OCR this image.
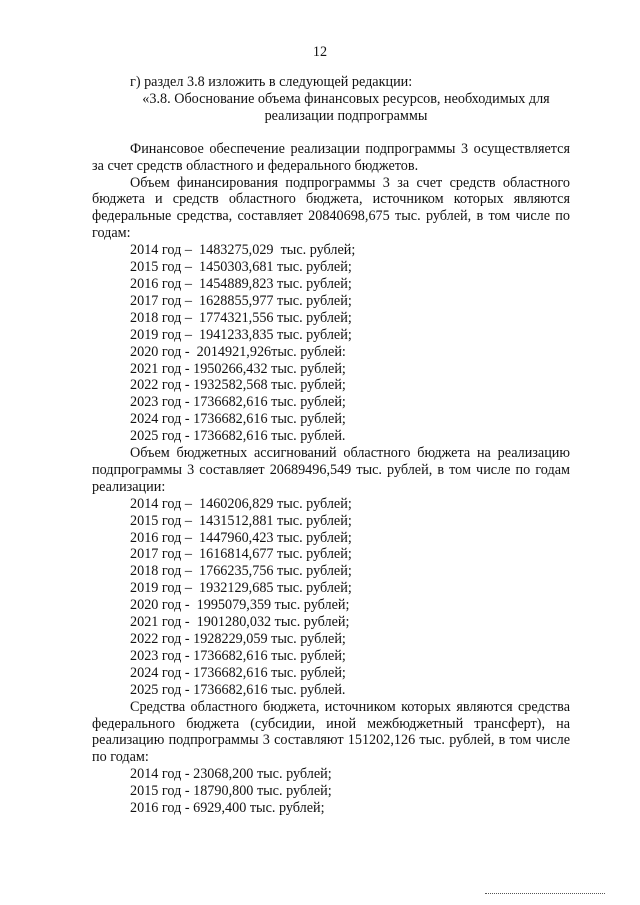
12

г) раздел 3.8 изложить в следующей редакции:

«3.8. Обоснование объема финансовых ресурсов, необходимых для
реализации подпрограммы

Финансовое обеспечение реализации подпрограммы 3 осуществляется за счет средств областного и федерального бюджетов.

Объем финансирования подпрограммы 3 за счет средств областного бюджета и средств областного бюджета, источником которых являются федеральные средства, составляет 20840698,675 тыс. рублей, в том числе по годам:

2014 год –  1483275,029  тыс. рублей;
2015 год –  1450303,681 тыс. рублей;
2016 год –  1454889,823 тыс. рублей;
2017 год –  1628855,977 тыс. рублей;
2018 год –  1774321,556 тыс. рублей;
2019 год –  1941233,835 тыс. рублей;
2020 год -  2014921,926тыс. рублей:
2021 год - 1950266,432 тыс. рублей;
2022 год - 1932582,568 тыс. рублей;
2023 год - 1736682,616 тыс. рублей;
2024 год - 1736682,616 тыс. рублей;
2025 год - 1736682,616 тыс. рублей.

Объем бюджетных ассигнований областного бюджета на реализацию подпрограммы 3 составляет 20689496,549 тыс. рублей, в том числе по годам реализации:

2014 год –  1460206,829 тыс. рублей;
2015 год –  1431512,881 тыс. рублей;
2016 год –  1447960,423 тыс. рублей;
2017 год –  1616814,677 тыс. рублей;
2018 год –  1766235,756 тыс. рублей;
2019 год –  1932129,685 тыс. рублей;
2020 год -  1995079,359 тыс. рублей;
2021 год -  1901280,032 тыс. рублей;
2022 год - 1928229,059 тыс. рублей;
2023 год - 1736682,616 тыс. рублей;
2024 год - 1736682,616 тыс. рублей;
2025 год - 1736682,616 тыс. рублей.

Средства областного бюджета, источником которых являются средства федерального бюджета (субсидии, иной межбюджетный трансферт), на реализацию подпрограммы 3 составляют 151202,126 тыс. рублей, в том числе по годам:

2014 год - 23068,200 тыс. рублей;
2015 год - 18790,800 тыс. рублей;
2016 год - 6929,400 тыс. рублей;
